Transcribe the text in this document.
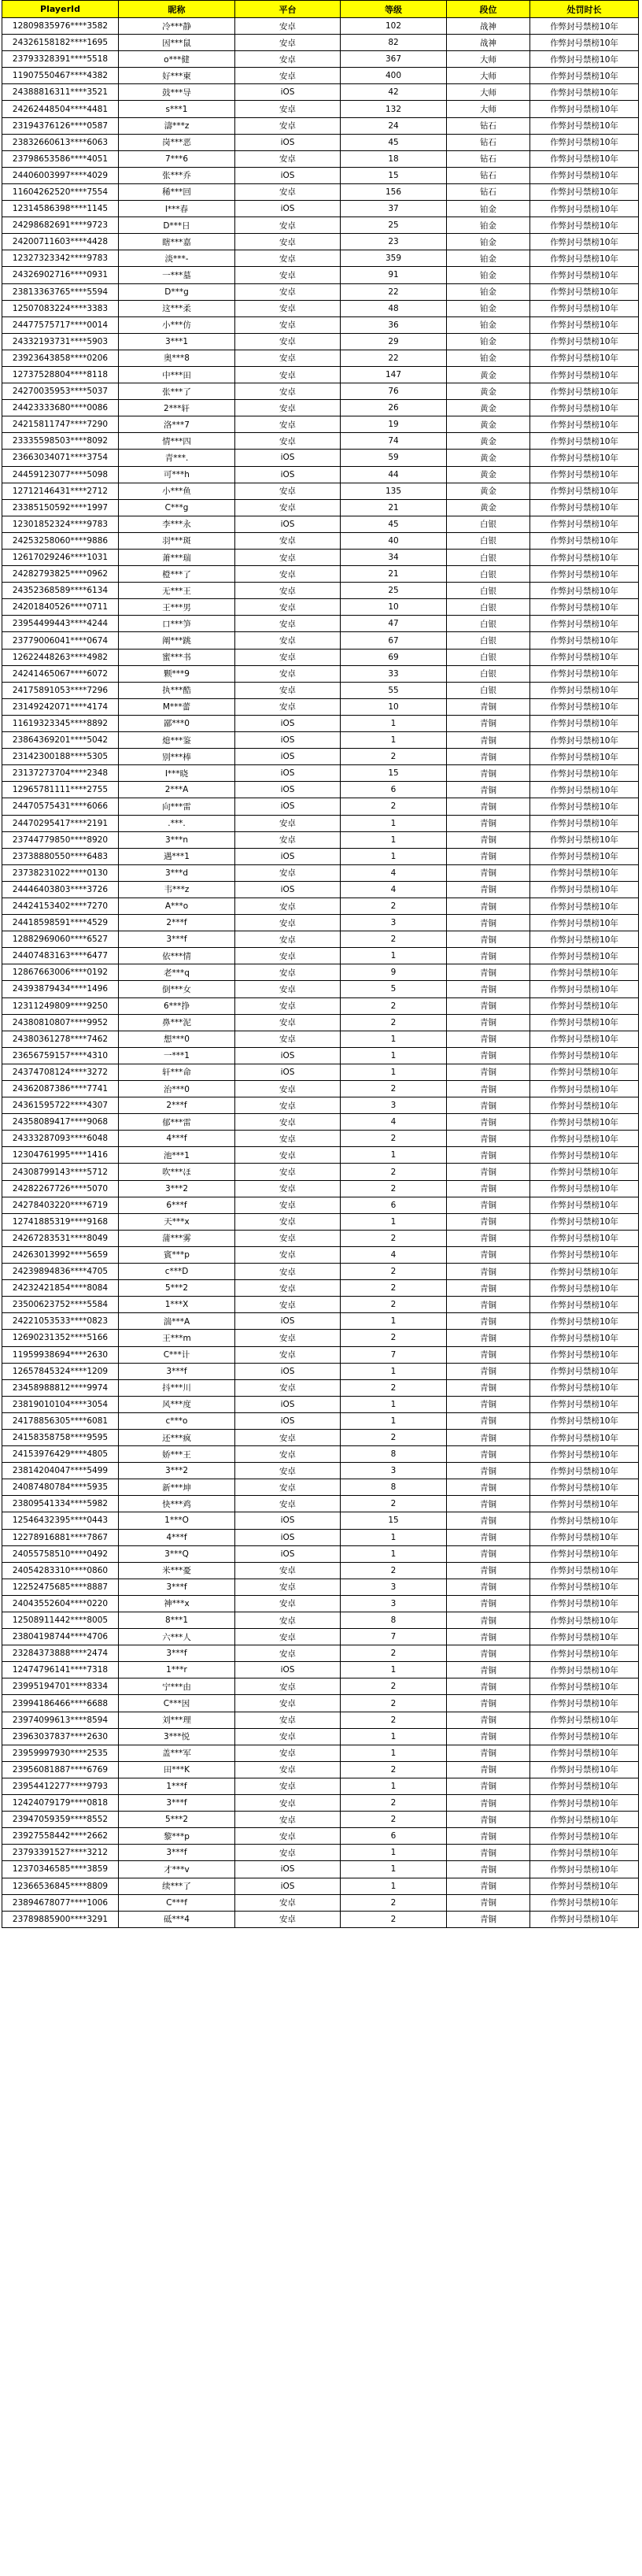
PlayerId	昵称	平台	等级	段位	处罚时长
12809835976****3582	冷***静	安卓	102	战神	作弊封号禁榜10年
24326158182****1695	因***鼠	安卓	82	战神	作弊封号禁榜10年
23793328391****5518	o***健	安卓	367	大师	作弊封号禁榜10年
11907550467****4382	好***柬	安卓	400	大师	作弊封号禁榜10年
24388816311****3521	鼓***导	iOS	42	大师	作弊封号禁榜10年
24262448504****4481	s***1	安卓	132	大师	作弊封号禁榜10年
23194376126****0587	濤***z	安卓	24	钻石	作弊封号禁榜10年
23832660613****6063	岗***恶	iOS	45	钻石	作弊封号禁榜10年
23798653586****4051	7***6	安卓	18	钻石	作弊封号禁榜10年
24406003997****4029	张***乔	iOS	15	钻石	作弊封号禁榜10年
11604262520****7554	稀***回	安卓	156	钻石	作弊封号禁榜10年
12314586398****1145	I***春	iOS	37	铂金	作弊封号禁榜10年
24298682691****9723	D***日	安卓	25	铂金	作弊封号禁榜10年
24200711603****4428	瞎***嘉	安卓	23	铂金	作弊封号禁榜10年
12327323342****9783	淡***-	安卓	359	铂金	作弊封号禁榜10年
24326902716****0931	一***墓	安卓	91	铂金	作弊封号禁榜10年
23813363765****5594	D***g	安卓	22	铂金	作弊封号禁榜10年
12507083224****3383	这***柔	安卓	48	铂金	作弊封号禁榜10年
24477575717****0014	小***仿	安卓	36	铂金	作弊封号禁榜10年
24332193731****5903	3***1	安卓	29	铂金	作弊封号禁榜10年
23923643858****0206	奥***8	安卓	22	铂金	作弊封号禁榜10年
12737528804****8118	中***田	安卓	147	黄金	作弊封号禁榜10年
24270035953****5037	张***了	安卓	76	黄金	作弊封号禁榜10年
24423333680****0086	2***轩	安卓	26	黄金	作弊封号禁榜10年
24215811747****7290	洛***7	安卓	19	黄金	作弊封号禁榜10年
23335598503****8092	情***四	安卓	74	黄金	作弊封号禁榜10年
23663034071****3754	青***.	iOS	59	黄金	作弊封号禁榜10年
24459123077****5098	可***h	iOS	44	黄金	作弊封号禁榜10年
12712146431****2712	小***鱼	安卓	135	黄金	作弊封号禁榜10年
23385150592****1997	C***g	安卓	21	黄金	作弊封号禁榜10年
12301852324****9783	李***永	iOS	45	白银	作弊封号禁榜10年
24253258060****9886	羽***斑	安卓	40	白银	作弊封号禁榜10年
12617029246****1031	萧***瑞	安卓	34	白银	作弊封号禁榜10年
24282793825****0962	橙***了	安卓	21	白银	作弊封号禁榜10年
24352368589****6134	无***王	安卓	25	白银	作弊封号禁榜10年
24201840526****0711	王***男	安卓	10	白银	作弊封号禁榜10年
23954499443****4244	口***笋	安卓	47	白银	作弊封号禁榜10年
23779006041****0674	阐***跳	安卓	67	白银	作弊封号禁榜10年
12622448263****4982	蜜***书	安卓	69	白银	作弊封号禁榜10年
24241465067****6072	颗***9	安卓	33	白银	作弊封号禁榜10年
24175891053****7296	执***酷	安卓	55	白银	作弊封号禁榜10年
23149242071****4174	M***蕾	安卓	10	青铜	作弊封号禁榜10年
11619323345****8892	鄙***0	iOS	1	青铜	作弊封号禁榜10年
23864369201****5042	熄***鉴	iOS	1	青铜	作弊封号禁榜10年
23142300188****5305	别***棒	iOS	2	青铜	作弊封号禁榜10年
23137273704****2348	I***晓	iOS	15	青铜	作弊封号禁榜10年
12965781111****2755	2***A	iOS	6	青铜	作弊封号禁榜10年
24470575431****6066	向***雷	iOS	2	青铜	作弊封号禁榜10年
24470295417****2191	.***.	安卓	1	青铜	作弊封号禁榜10年
23744779850****8920	3***n	安卓	1	青铜	作弊封号禁榜10年
23738880550****6483	遇***1	iOS	1	青铜	作弊封号禁榜10年
23738231022****0130	3***d	安卓	4	青铜	作弊封号禁榜10年
24446403803****3726	韦***z	iOS	4	青铜	作弊封号禁榜10年
24424153402****7270	A***o	安卓	2	青铜	作弊封号禁榜10年
24418598591****4529	2***f	安卓	3	青铜	作弊封号禁榜10年
12882969060****6527	3***f	安卓	2	青铜	作弊封号禁榜10年
24407483163****6477	依***情	安卓	1	青铜	作弊封号禁榜10年
12867663006****0192	老***q	安卓	9	青铜	作弊封号禁榜10年
24393879434****1496	倒***女	安卓	5	青铜	作弊封号禁榜10年
12311249809****9250	6***挣	安卓	2	青铜	作弊封号禁榜10年
24380810807****9952	鼻***泥	安卓	2	青铜	作弊封号禁榜10年
24380361278****7462	想***0	安卓	1	青铜	作弊封号禁榜10年
23656759157****4310	一***1	iOS	1	青铜	作弊封号禁榜10年
24374708124****3272	轩***命	iOS	1	青铜	作弊封号禁榜10年
24362087386****7741	治***0	安卓	2	青铜	作弊封号禁榜10年
24361595722****4307	2***f	安卓	3	青铜	作弊封号禁榜10年
24358089417****9068	郁***雷	安卓	4	青铜	作弊封号禁榜10年
24333287093****6048	4***f	安卓	2	青铜	作弊封号禁榜10年
12304761995****1416	池***1	安卓	1	青铜	作弊封号禁榜10年
24308799143****5712	吹***ほ	安卓	2	青铜	作弊封号禁榜10年
24282267726****5070	3***2	安卓	2	青铜	作弊封号禁榜10年
24278403220****6719	6***f	安卓	6	青铜	作弊封号禁榜10年
12741885319****9168	天***x	安卓	1	青铜	作弊封号禁榜10年
24267283531****8049	蒲***雾	安卓	2	青铜	作弊封号禁榜10年
24263013992****5659	賓***p	安卓	4	青铜	作弊封号禁榜10年
24239894836****4705	c***D	安卓	2	青铜	作弊封号禁榜10年
24232421854****8084	5***2	安卓	2	青铜	作弊封号禁榜10年
23500623752****5584	1***X	安卓	2	青铜	作弊封号禁榜10年
24221053533****0823	湍***A	iOS	1	青铜	作弊封号禁榜10年
12690231352****5166	王***m	安卓	2	青铜	作弊封号禁榜10年
11959938694****2630	C***计	安卓	7	青铜	作弊封号禁榜10年
12657845324****1209	3***f	iOS	1	青铜	作弊封号禁榜10年
23458988812****9974	抖***川	安卓	2	青铜	作弊封号禁榜10年
23819010104****3054	风***度	iOS	1	青铜	作弊封号禁榜10年
24178856305****6081	c***o	iOS	1	青铜	作弊封号禁榜10年
24158358758****9595	还***疯	安卓	2	青铜	作弊封号禁榜10年
24153976429****4805	娇***王	安卓	8	青铜	作弊封号禁榜10年
23814204047****5499	3***2	安卓	3	青铜	作弊封号禁榜10年
24087480784****5935	新***坤	安卓	8	青铜	作弊封号禁榜10年
23809541334****5982	快***鸡	安卓	2	青铜	作弊封号禁榜10年
12546432395****0443	1***O	iOS	15	青铜	作弊封号禁榜10年
12278916881****7867	4***f	iOS	1	青铜	作弊封号禁榜10年
24055758510****0492	3***Q	iOS	1	青铜	作弊封号禁榜10年
24054283310****0860	米***憂	安卓	2	青铜	作弊封号禁榜10年
12252475685****8887	3***f	安卓	3	青铜	作弊封号禁榜10年
24043552604****0220	神***x	安卓	3	青铜	作弊封号禁榜10年
12508911442****8005	8***1	安卓	8	青铜	作弊封号禁榜10年
23804198744****4706	六***人	安卓	7	青铜	作弊封号禁榜10年
23284373888****2474	3***f	安卓	2	青铜	作弊封号禁榜10年
12474796141****7318	1***r	iOS	1	青铜	作弊封号禁榜10年
23995194701****8334	宁***由	安卓	2	青铜	作弊封号禁榜10年
23994186466****6688	C***因	安卓	2	青铜	作弊封号禁榜10年
23974099613****8594	刘***理	安卓	2	青铜	作弊封号禁榜10年
23963037837****2630	3***悦	安卓	1	青铜	作弊封号禁榜10年
23959997930****2535	盖***军	安卓	1	青铜	作弊封号禁榜10年
23956081887****6769	田***K	安卓	2	青铜	作弊封号禁榜10年
23954412277****9793	1***f	安卓	1	青铜	作弊封号禁榜10年
12424079179****0818	3***f	安卓	2	青铜	作弊封号禁榜10年
23947059359****8552	5***2	安卓	2	青铜	作弊封号禁榜10年
23927558442****2662	黎***p	安卓	6	青铜	作弊封号禁榜10年
23793391527****3212	3***f	安卓	1	青铜	作弊封号禁榜10年
12370346585****3859	才***v	iOS	1	青铜	作弊封号禁榜10年
12366536845****8809	续***了	iOS	1	青铜	作弊封号禁榜10年
23894678077****1006	C***f	安卓	2	青铜	作弊封号禁榜10年
23789885900****3291	砥***4	安卓	2	青铜	作弊封号禁榜10年
